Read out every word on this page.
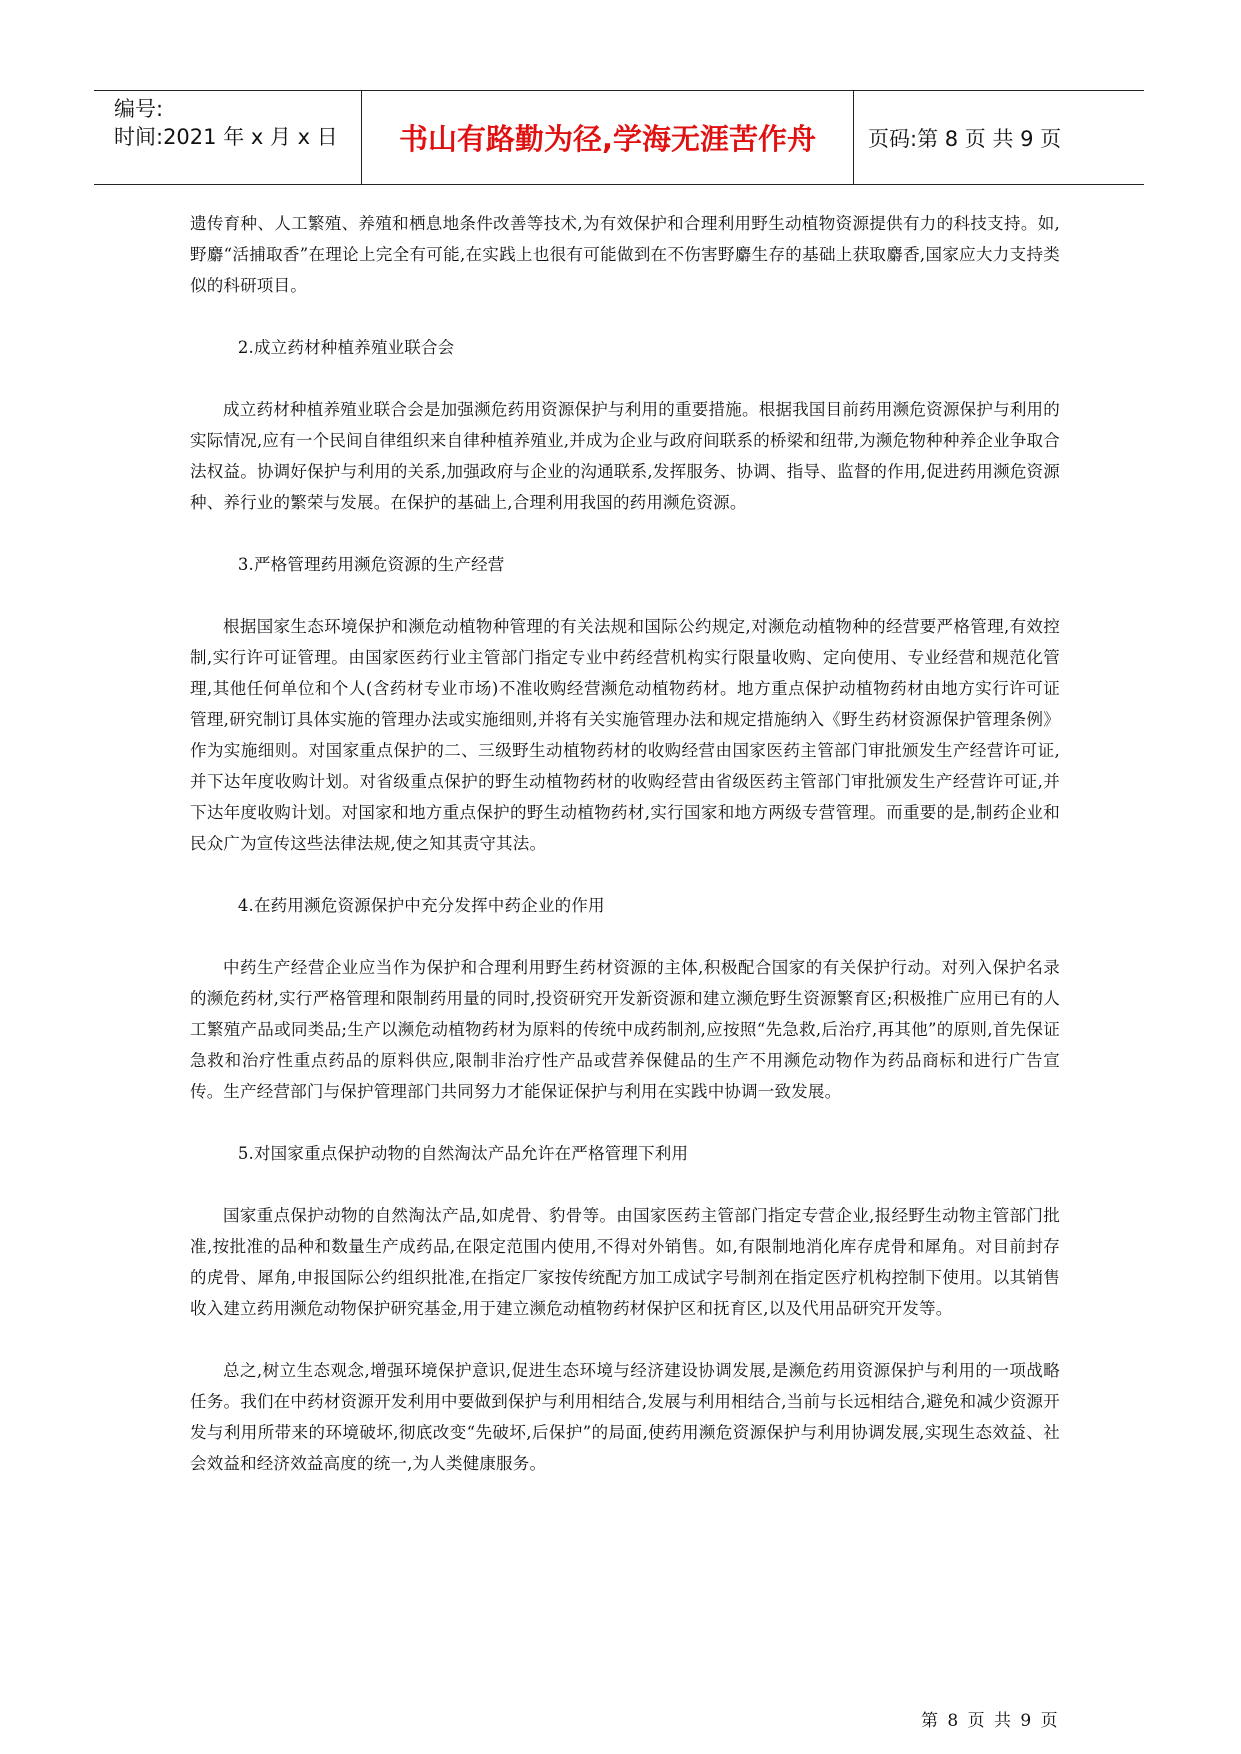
编号:
时间:2021 年 x 月 x 日	书山有路勤为径,学海无涯苦作舟	页码:第 8 页 共 9 页

遗传育种、人工繁殖、养殖和栖息地条件改善等技术,为有效保护和合理利用野生动植物资源提供有力的科技支持。如,野麝“活捕取香”在理论上完全有可能,在实践上也很有可能做到在不伤害野麝生存的基础上获取麝香,国家应大力支持类似的科研项目。

2.成立药材种植养殖业联合会

成立药材种植养殖业联合会是加强濒危药用资源保护与利用的重要措施。根据我国目前药用濒危资源保护与利用的实际情况,应有一个民间自律组织来自律种植养殖业,并成为企业与政府间联系的桥梁和纽带,为濒危物种种养企业争取合法权益。协调好保护与利用的关系,加强政府与企业的沟通联系,发挥服务、协调、指导、监督的作用,促进药用濒危资源种、养行业的繁荣与发展。在保护的基础上,合理利用我国的药用濒危资源。

3.严格管理药用濒危资源的生产经营

根据国家生态环境保护和濒危动植物种管理的有关法规和国际公约规定,对濒危动植物种的经营要严格管理,有效控制,实行许可证管理。由国家医药行业主管部门指定专业中药经营机构实行限量收购、定向使用、专业经营和规范化管理,其他任何单位和个人(含药材专业市场)不准收购经营濒危动植物药材。地方重点保护动植物药材由地方实行许可证管理,研究制订具体实施的管理办法或实施细则,并将有关实施管理办法和规定措施纳入《野生药材资源保护管理条例》作为实施细则。对国家重点保护的二、三级野生动植物药材的收购经营由国家医药主管部门审批颁发生产经营许可证,并下达年度收购计划。对省级重点保护的野生动植物药材的收购经营由省级医药主管部门审批颁发生产经营许可证,并下达年度收购计划。对国家和地方重点保护的野生动植物药材,实行国家和地方两级专营管理。而重要的是,制药企业和民众广为宣传这些法律法规,使之知其责守其法。

4.在药用濒危资源保护中充分发挥中药企业的作用

中药生产经营企业应当作为保护和合理利用野生药材资源的主体,积极配合国家的有关保护行动。对列入保护名录的濒危药材,实行严格管理和限制药用量的同时,投资研究开发新资源和建立濒危野生资源繁育区;积极推广应用已有的人工繁殖产品或同类品;生产以濒危动植物药材为原料的传统中成药制剂,应按照“先急救,后治疗,再其他”的原则,首先保证急救和治疗性重点药品的原料供应,限制非治疗性产品或营养保健品的生产不用濒危动物作为药品商标和进行广告宣传。生产经营部门与保护管理部门共同努力才能保证保护与利用在实践中协调一致发展。

5.对国家重点保护动物的自然淘汰产品允许在严格管理下利用

国家重点保护动物的自然淘汰产品,如虎骨、豹骨等。由国家医药主管部门指定专营企业,报经野生动物主管部门批准,按批准的品种和数量生产成药品,在限定范围内使用,不得对外销售。如,有限制地消化库存虎骨和犀角。对目前封存的虎骨、犀角,申报国际公约组织批准,在指定厂家按传统配方加工成试字号制剂在指定医疗机构控制下使用。以其销售收入建立药用濒危动物保护研究基金,用于建立濒危动植物药材保护区和抚育区,以及代用品研究开发等。

总之,树立生态观念,增强环境保护意识,促进生态环境与经济建设协调发展,是濒危药用资源保护与利用的一项战略任务。我们在中药材资源开发利用中要做到保护与利用相结合,发展与利用相结合,当前与长远相结合,避免和减少资源开发与利用所带来的环境破坏,彻底改变“先破坏,后保护”的局面,使药用濒危资源保护与利用协调发展,实现生态效益、社会效益和经济效益高度的统一,为人类健康服务。

第 8 页 共 9 页
